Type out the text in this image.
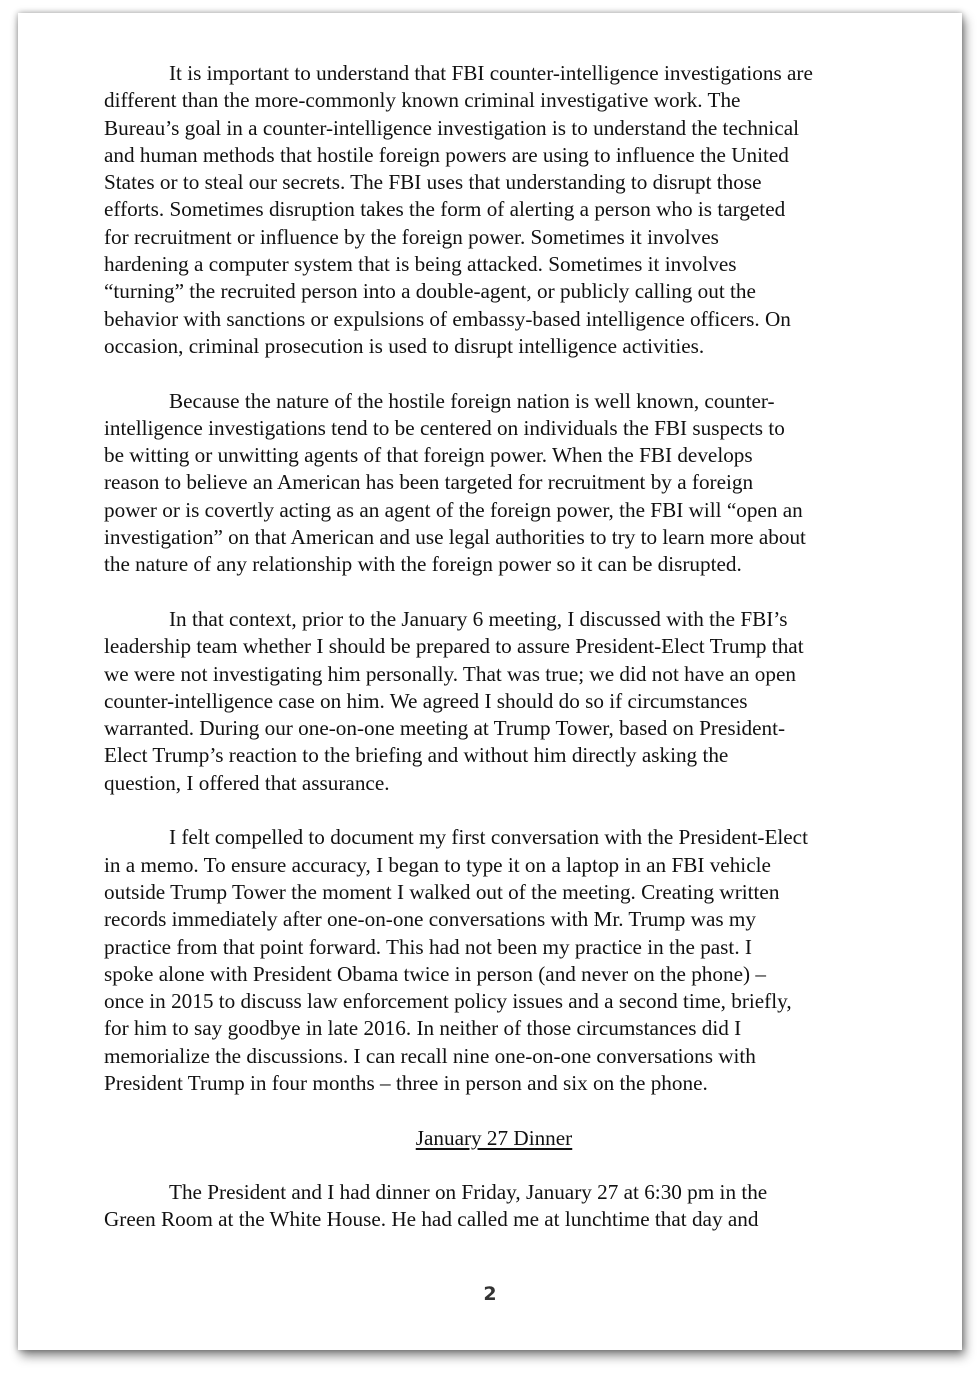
It is important to understand that FBI counter-intelligence investigations are
different than the more-commonly known criminal investigative work. The
Bureau’s goal in a counter-intelligence investigation is to understand the technical
and human methods that hostile foreign powers are using to influence the United
States or to steal our secrets. The FBI uses that understanding to disrupt those
efforts. Sometimes disruption takes the form of alerting a person who is targeted
for recruitment or influence by the foreign power. Sometimes it involves
hardening a computer system that is being attacked. Sometimes it involves
“turning” the recruited person into a double-agent, or publicly calling out the
behavior with sanctions or expulsions of embassy-based intelligence officers. On
occasion, criminal prosecution is used to disrupt intelligence activities.

Because the nature of the hostile foreign nation is well known, counter-
intelligence investigations tend to be centered on individuals the FBI suspects to
be witting or unwitting agents of that foreign power. When the FBI develops
reason to believe an American has been targeted for recruitment by a foreign
power or is covertly acting as an agent of the foreign power, the FBI will “open an
investigation” on that American and use legal authorities to try to learn more about
the nature of any relationship with the foreign power so it can be disrupted.

In that context, prior to the January 6 meeting, I discussed with the FBI’s
leadership team whether I should be prepared to assure President-Elect Trump that
we were not investigating him personally. That was true; we did not have an open
counter-intelligence case on him. We agreed I should do so if circumstances
warranted. During our one-on-one meeting at Trump Tower, based on President-
Elect Trump’s reaction to the briefing and without him directly asking the
question, I offered that assurance.

I felt compelled to document my first conversation with the President-Elect
in a memo. To ensure accuracy, I began to type it on a laptop in an FBI vehicle
outside Trump Tower the moment I walked out of the meeting. Creating written
records immediately after one-on-one conversations with Mr. Trump was my
practice from that point forward. This had not been my practice in the past. I
spoke alone with President Obama twice in person (and never on the phone) –
once in 2015 to discuss law enforcement policy issues and a second time, briefly,
for him to say goodbye in late 2016. In neither of those circumstances did I
memorialize the discussions. I can recall nine one-on-one conversations with
President Trump in four months – three in person and six on the phone.

January 27 Dinner

The President and I had dinner on Friday, January 27 at 6:30 pm in the
Green Room at the White House. He had called me at lunchtime that day and

2
